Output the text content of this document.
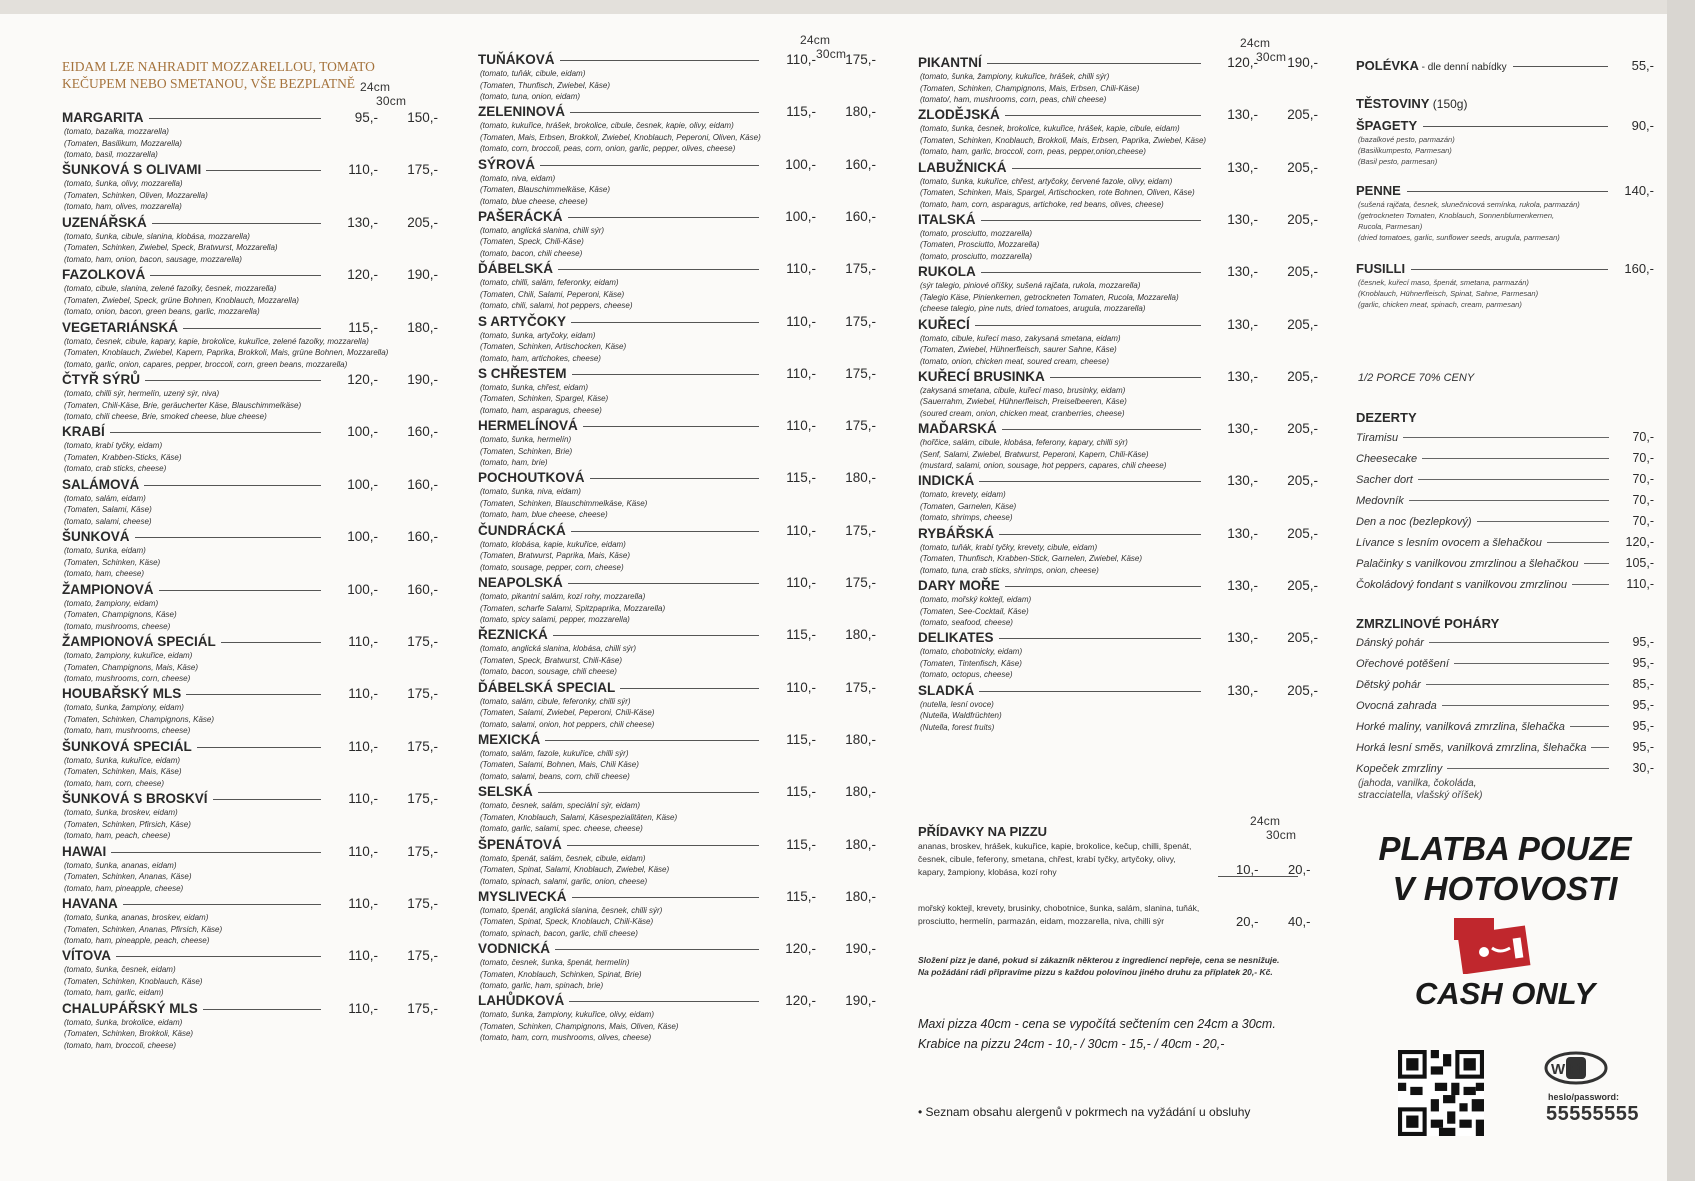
EIDAM LZE NAHRADIT MOZZARELLOU, TOMATO KEČUPEM NEBO SMETANOU, VŠE BEZPLATNĚ 24cm 30cm
MARGARITA	95,-	150,-
(tomato, bazalka, mozzarella)
(Tomaten, Basilikum, Mozzarella)
(tomato, basil, mozzarella)
ŠUNKOVÁ S OLIVAMI	110,-	175,-
(tomato, šunka, olivy, mozzarella)
(Tomaten, Schinken, Oliven, Mozzarella)
(tomato, ham, olives, mozzarella)
UZENÁŘSKÁ	130,-	205,-
(tomato, šunka, cibule, slanina, klobása, mozzarella)
(Tomaten, Schinken, Zwiebel, Speck, Bratwurst, Mozzarella)
(tomato, ham, onion, bacon, sausage, mozzarella)
FAZOLKOVÁ	120,-	190,-
(tomato, cibule, slanina, zelené fazolky, česnek, mozzarella)
(Tomaten, Zwiebel, Speck, grüne Bohnen, Knoblauch, Mozzarella)
(tomato, onion, bacon, green beans, garlic, mozzarella)
VEGETARIÁNSKÁ	115,-	180,-
(tomato, česnek, cibule, kapary, kapie, brokolice, kukuřice, zelené fazolky, mozzarella)
(Tomaten, Knoblauch, Zwiebel, Kapern, Paprika, Brokkoli, Mais, grüne Bohnen, Mozzarella)
(tomato, garlic, onion, capares, pepper, broccoli, corn, green beans, mozzarella)
ČTYŘ SÝRŮ	120,-	190,-
(tomato, chilli sýr, hermelín, uzený sýr, niva)
(Tomaten, Chili-Käse, Brie, geräucherter Käse, Blauschimmelkäse)
(tomato, chili cheese, Brie, smoked cheese, blue cheese)
KRABÍ	100,-	160,-
(tomato, krabí tyčky, eidam)
(Tomaten, Krabben-Sticks, Käse)
(tomato, crab sticks, cheese)
SALÁMOVÁ	100,-	160,-
(tomato, salám, eidam)
(Tomaten, Salami, Käse)
(tomato, salami, cheese)
ŠUNKOVÁ	100,-	160,-
(tomato, šunka, eidam)
(Tomaten, Schinken, Käse)
(tomato, ham, cheese)
ŽAMPIONOVÁ	100,-	160,-
(tomato, žampiony, eidam)
(Tomaten, Champignons, Käse)
(tomato, mushrooms, cheese)
ŽAMPIONOVÁ SPECIÁL	110,-	175,-
(tomato, žampiony, kukuřice, eidam)
(Tomaten, Champignons, Mais, Käse)
(tomato, mushrooms, corn, cheese)
HOUBAŘSKÝ MLS	110,-	175,-
(tomato, šunka, žampiony, eidam)
(Tomaten, Schinken, Champignons, Käse)
(tomato, ham, mushrooms, cheese)
ŠUNKOVÁ SPECIÁL	110,-	175,-
(tomato, šunka, kukuřice, eidam)
(Tomaten, Schinken, Mais, Käse)
(tomato, ham, corn, cheese)
ŠUNKOVÁ S BROSKVÍ	110,-	175,-
(tomato, šunka, broskev, eidam)
(Tomaten, Schinken, Pfirsich, Käse)
(tomato, ham, peach, cheese)
HAWAI	110,-	175,-
(tomato, šunka, ananas, eidam)
(Tomaten, Schinken, Ananas, Käse)
(tomato, ham, pineapple, cheese)
HAVANA	110,-	175,-
(tomato, šunka, ananas, broskev, eidam)
(Tomaten, Schinken, Ananas, Pfirsich, Käse)
(tomato, ham, pineapple, peach, cheese)
VÍTOVA	110,-	175,-
(tomato, šunka, česnek, eidam)
(Tomaten, Schinken, Knoblauch, Käse)
(tomato, ham, garlic, eidam)
CHALUPÁŘSKÝ MLS	110,-	175,-
(tomato, šunka, brokolice, eidam)
(Tomaten, Schinken, Brokkoli, Käse)
(tomato, ham, broccoli, cheese)
24cm 30cm
TUŇÁKOVÁ	110,-	175,-
(tomato, tuňák, cibule, eidam)
(Tomaten, Thunfisch, Zwiebel, Käse)
(tomato, tuna, onion, eidam)
ZELENINOVÁ	115,-	180,-
(tomato, kukuřice, hrášek, brokolice, cibule, česnek, kapie, olivy, eidam)
(Tomaten, Mais, Erbsen, Brokkoli, Zwiebel, Knoblauch, Peperoni, Oliven, Käse)
(tomato, corn, broccoli, peas, corn, onion, garlic, pepper, olives, cheese)
SÝROVÁ	100,-	160,-
(tomato, niva, eidam)
(Tomaten, Blauschimmelkäse, Käse)
(tomato, blue cheese, cheese)
PAŠERÁCKÁ	100,-	160,-
(tomato, anglická slanina, chilli sýr)
(Tomaten, Speck, Chili-Käse)
(tomato, bacon, chili cheese)
ĎÁBELSKÁ	110,-	175,-
(tomato, chilli, salám, feferonky, eidam)
(Tomaten, Chili, Salami, Peperoni, Käse)
(tomato, chili, salami, hot peppers, cheese)
S ARTYČOKY	110,-	175,-
(tomato, šunka, artyčoky, eidam)
(Tomaten, Schinken, Artischocken, Käse)
(tomato, ham, artichokes, cheese)
S CHŘESTEM	110,-	175,-
(tomato, šunka, chřest, eidam)
(Tomaten, Schinken, Spargel, Käse)
(tomato, ham, asparagus, cheese)
HERMELÍNOVÁ	110,-	175,-
(tomato, šunka, hermelín)
(Tomaten, Schinken, Brie)
(tomato, ham, brie)
POCHOUTKOVÁ	115,-	180,-
(tomato, šunka, niva, eidam)
(Tomaten, Schinken, Blauschimmelkäse, Käse)
(tomato, ham, blue cheese, cheese)
ČUNDRÁCKÁ	110,-	175,-
(tomato, klobása, kapie, kukuřice, eidam)
(Tomaten, Bratwurst, Paprika, Mais, Käse)
(tomato, sousage, pepper, corn, cheese)
NEAPOLSKÁ	110,-	175,-
(tomato, pikantní salám, kozí rohy, mozzarella)
(Tomaten, scharfe Salami, Spitzpaprika, Mozzarella)
(tomato, spicy salami, pepper, mozzarella)
ŘEZNICKÁ	115,-	180,-
(tomato, anglická slanina, klobása, chilli sýr)
(Tomaten, Speck, Bratwurst, Chili-Käse)
(tomato, bacon, sousage, chili cheese)
ĎÁBELSKÁ SPECIAL	110,-	175,-
(tomato, salám, cibule, feferonky, chilli sýr)
(Tomaten, Salami, Zwiebel, Peperoni, Chili-Käse)
(tomato, salami, onion, hot peppers, chili cheese)
MEXICKÁ	115,-	180,-
(tomato, salám, fazole, kukuřice, chilli sýr)
(Tomaten, Salami, Bohnen, Mais, Chili Käse)
(tomato, salami, beans, corn, chili cheese)
SELSKÁ	115,-	180,-
(tomato, česnek, salám, speciální sýr, eidam)
(Tomaten, Knoblauch, Salami, Käsespezialitäten, Käse)
(tomato, garlic, salami, spec. cheese, cheese)
ŠPENÁTOVÁ	115,-	180,-
(tomato, špenát, salám, česnek, cibule, eidam)
(Tomaten, Spinat, Salami, Knoblauch, Zwiebel, Käse)
(tomato, spinach, salami, garlic, onion, cheese)
MYSLIVECKÁ	115,-	180,-
(tomato, špenát, anglická slanina, česnek, chilli sýr)
(Tomaten, Spinat, Speck, Knoblauch, Chili-Käse)
(tomato, spinach, bacon, garlic, chili cheese)
VODNICKÁ	120,-	190,-
(tomato, česnek, šunka, špenát, hermelín)
(Tomaten, Knoblauch, Schinken, Spinat, Brie)
(tomato, garlic, ham, spinach, brie)
LAHŮDKOVÁ	120,-	190,-
(tomato, šunka, žampiony, kukuřice, olivy, eidam)
(Tomaten, Schinken, Champignons, Mais, Oliven, Käse)
(tomato, ham, corn, mushrooms, olives, cheese)
24cm 30cm
PIKANTNÍ	120,-	190,-
(tomato, šunka, žampiony, kukuřice, hrášek, chilli sýr)
(Tomaten, Schinken, Champignons, Mais, Erbsen, Chili-Käse)
(tomato/, ham, mushrooms, corn, peas, chili cheese)
ZLODĚJSKÁ	130,-	205,-
(tomato, šunka, česnek, brokolice, kukuřice, hrášek, kapie, cibule, eidam)
(Tomaten, Schinken, Knoblauch, Brokkoli, Mais, Erbsen, Paprika, Zwiebel, Käse)
(tomato, ham, garlic, broccoli, corn, peas, pepper,onion,cheese)
LABUŽNICKÁ	130,-	205,-
(tomato, šunka, kukuřice, chřest, artyčoky, červené fazole, olivy, eidam)
(Tomaten, Schinken, Mais, Spargel, Artischocken, rote Bohnen, Oliven, Käse)
(tomato, ham, corn, asparagus, artichoke, red beans, olives, cheese)
ITALSKÁ	130,-	205,-
(tomato, prosciutto, mozzarella)
(Tomaten, Prosciutto, Mozzarella)
(tomato, prosciutto, mozzarella)
RUKOLA	130,-	205,-
(sýr talegio, piniové oříšky, sušená rajčata, rukola, mozzarella)
(Talegio Käse, Pinienkernen, getrockneten Tomaten, Rucola, Mozzarella)
(cheese talegio, pine nuts, dried tomatoes, arugula, mozzarella)
KUŘECÍ	130,-	205,-
(tomato, cibule, kuřecí maso, zakysaná smetana, eidam)
(Tomaten, Zwiebel, Hühnerfleisch, saurer Sahne, Käse)
(tomato, onion, chicken meat, soured cream, cheese)
KUŘECÍ BRUSINKA	130,-	205,-
(zakysaná smetana, cibule, kuřecí maso, brusinky, eidam)
(Sauerrahm, Zwiebel, Hühnerfleisch, Preiselbeeren, Käse)
(soured cream, onion, chicken meat, cranberries, cheese)
MAĎARSKÁ	130,-	205,-
(hořčice, salám, cibule, klobása, feferony, kapary, chilli sýr)
(Senf, Salami, Zwiebel, Bratwurst, Peperoni, Kapern, Chili-Käse)
(mustard, salami, onion, sousage, hot peppers, capares, chili cheese)
INDICKÁ	130,-	205,-
(tomato, krevety, eidam)
(Tomaten, Garnelen, Käse)
(tomato, shrimps, cheese)
RYBÁŘSKÁ	130,-	205,-
(tomato, tuňák, krabí tyčky, krevety, cibule, eidam)
(Tomaten, Thunfisch, Krabben-Stick, Garnelen, Zwiebel, Käse)
(tomato, tuna, crab sticks, shrimps, onion, cheese)
DARY MOŘE	130,-	205,-
(tomato, mořský koktejl, eidam)
(Tomaten, See-Cocktail, Käse)
(tomato, seafood, cheese)
DELIKATES	130,-	205,-
(tomato, chobotnicky, eidam)
(Tomaten, Tintenfisch, Käse)
(tomato, octopus, cheese)
SLADKÁ	130,-	205,-
(nutella, lesní ovoce)
(Nutella, Waldfrüchten)
(Nutella, forest fruits)
24cm 30cm
PŘÍDAVKY NA PIZZU
ananas, broskev, hrášek, kukuřice, kapie, brokolice, kečup, chilli, špenát,
česnek, cibule, feferony, smetana, chřest, krabí tyčky, artyčoky, olivy,
kapary, žampiony, klobása, kozí rohy	10,- 20,-
mořský koktejl, krevety, brusinky, chobotnice, šunka, salám, slanina, tuňák,
prosciutto, hermelín, parmazán, eidam, mozzarella, niva, chilli sýr	20,- 40,-
Složení pizz je dané, pokud si zákazník některou z ingrediencí nepřeje, cena se nesnižuje.
Na požádání rádi připravíme pizzu s každou polovinou jiného druhu za příplatek 20,- Kč.
Maxi pizza 40cm - cena se vypočítá sečtením cen 24cm a 30cm.
Krabice na pizzu 24cm - 10,- / 30cm - 15,- / 40cm - 20,-
• Seznam obsahu alergenů v pokrmech na vyžádání u obsluhy
POLÉVKA - dle denní nabídky	55,-
TĚSTOVINY (150g)
ŠPAGETY	90,-
(bazalkové pesto, parmazán)
(Basilikumpesto, Parmesan)
(Basil pesto, parmesan)
PENNE	140,-
(sušená rajčata, česnek, slunečnicová semínka, rukola, parmazán)
(getrockneten Tomaten, Knoblauch, Sonnenblumenkernen,
Rucola, Parmesan)
(dried tomatoes, garlic, sunflower seeds, arugula, parmesan)
FUSILLI	160,-
(česnek, kuřecí maso, špenát, smetana, parmazán)
(Knoblauch, Hühnerfleisch, Spinat, Sahne, Parmesan)
(garlic, chicken meat, spinach, cream, parmesan)
1/2 PORCE 70% CENY
DEZERTY
Tiramisu	70,-
Cheesecake	70,-
Sacher dort	70,-
Medovník	70,-
Den a noc (bezlepkový)	70,-
Lívance s lesním ovocem a šlehačkou	120,-
Palačinky s vanilkovou zmrzlinou a šlehačkou	105,-
Čokoládový fondant s vanilkovou zmrzlinou	110,-
ZMRZLINOVÉ POHÁRY
Dánský pohár	95,-
Ořechové potěšení	95,-
Dětský pohár	85,-
Ovocná zahrada	95,-
Horké maliny, vanilková zmrzlina, šlehačka	95,-
Horká lesní směs, vanilková zmrzlina, šlehačka	95,-
Kopeček zmrzliny	30,-
(jahoda, vanilka, čokoláda,
stracciatella, vlašský oříšek)
PLATBA POUZE
V HOTOVOSTI
CASH ONLY
WiFi
heslo/password:
55555555
